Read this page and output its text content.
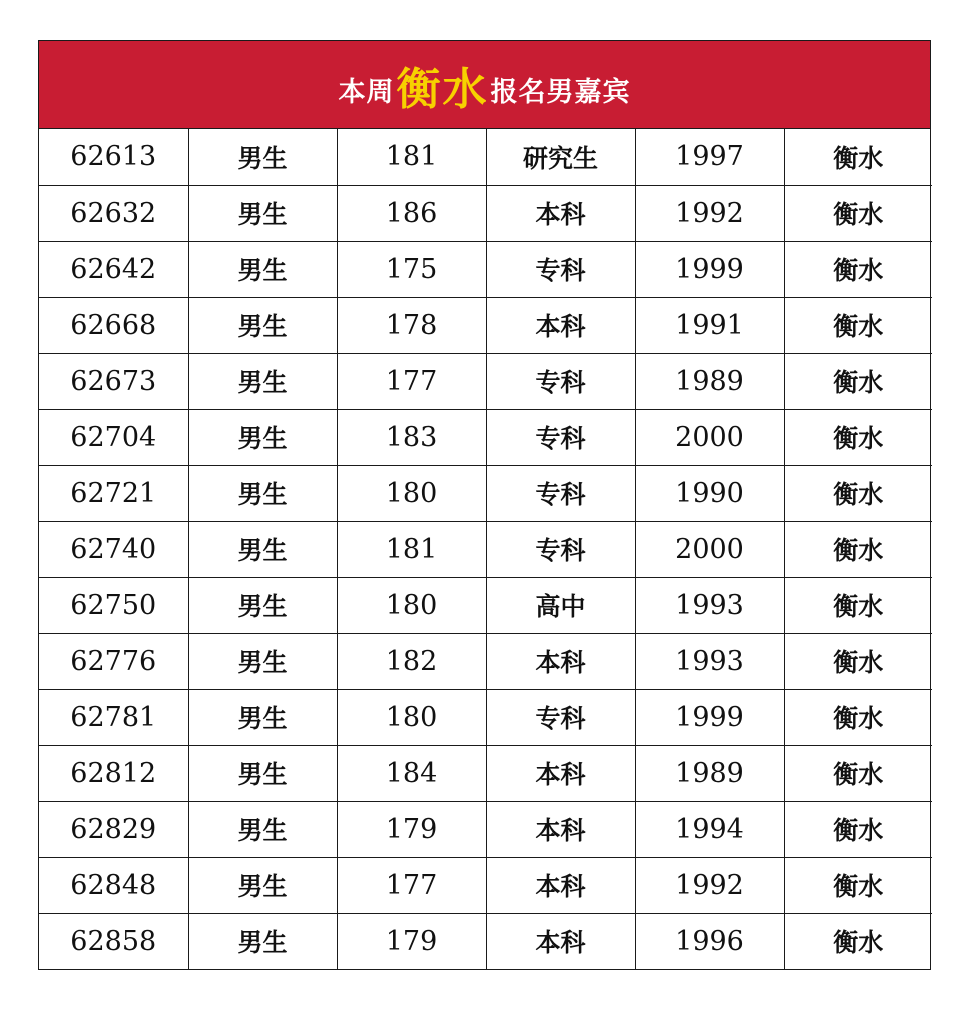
本周 衡水 报名男嘉宾
62613	男生	181	研究生	1997	衡水
62632	男生	186	本科	1992	衡水
62642	男生	175	专科	1999	衡水
62668	男生	178	本科	1991	衡水
62673	男生	177	专科	1989	衡水
62704	男生	183	专科	2000	衡水
62721	男生	180	专科	1990	衡水
62740	男生	181	专科	2000	衡水
62750	男生	180	高中	1993	衡水
62776	男生	182	本科	1993	衡水
62781	男生	180	专科	1999	衡水
62812	男生	184	本科	1989	衡水
62829	男生	179	本科	1994	衡水
62848	男生	177	本科	1992	衡水
62858	男生	179	本科	1996	衡水
